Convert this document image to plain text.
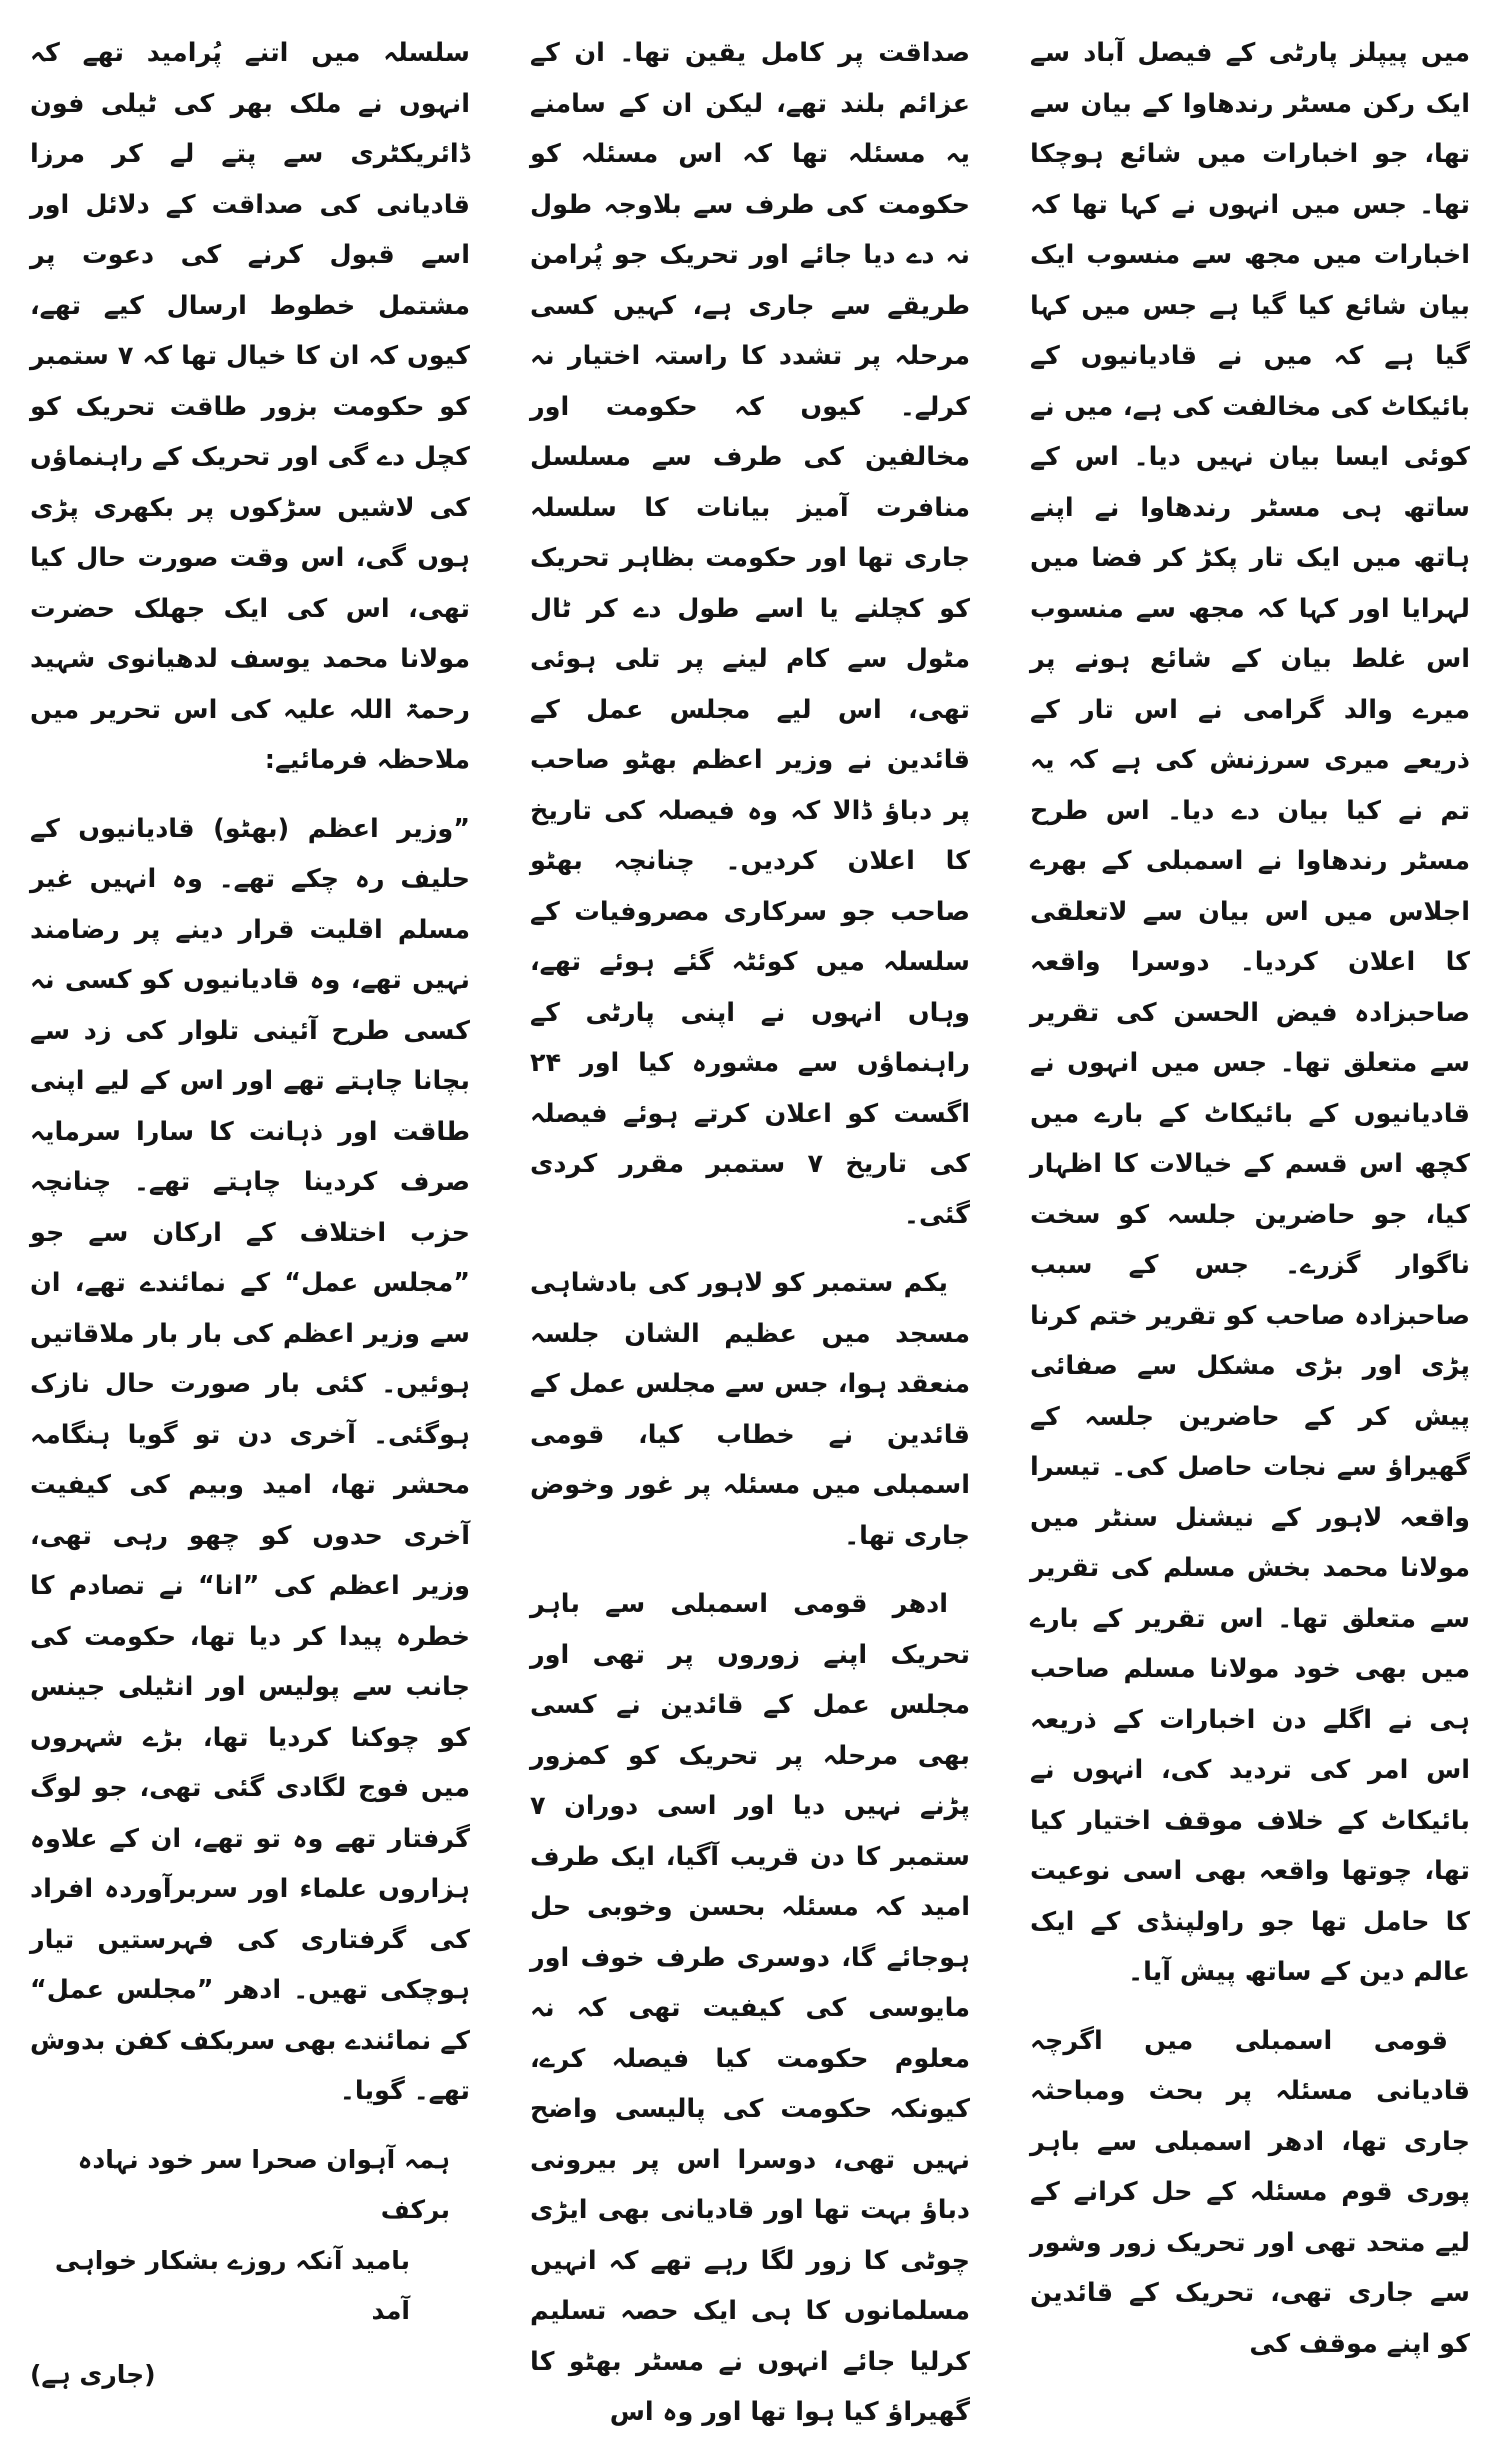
میں پیپلز پارٹی کے فیصل آباد سے ایک رکن مسٹر رندھاوا کے بیان سے تھا، جو اخبارات میں شائع ہوچکا تھا۔ جس میں انہوں نے کہا تھا کہ اخبارات میں مجھ سے منسوب ایک بیان شائع کیا گیا ہے جس میں کہا گیا ہے کہ میں نے قادیانیوں کے بائیکاٹ کی مخالفت کی ہے، میں نے کوئی ایسا بیان نہیں دیا۔ اس کے ساتھ ہی مسٹر رندھاوا نے اپنے ہاتھ میں ایک تار پکڑ کر فضا میں لہرایا اور کہا کہ مجھ سے منسوب اس غلط بیان کے شائع ہونے پر میرے والد گرامی نے اس تار کے ذریعے میری سرزنش کی ہے کہ یہ تم نے کیا بیان دے دیا۔ اس طرح مسٹر رندھاوا نے اسمبلی کے بھرے اجلاس میں اس بیان سے لاتعلقی کا اعلان کردیا۔ دوسرا واقعہ صاحبزادہ فیض الحسن کی تقریر سے متعلق تھا۔ جس میں انہوں نے قادیانیوں کے بائیکاٹ کے بارے میں کچھ اس قسم کے خیالات کا اظہار کیا، جو حاضرین جلسہ کو سخت ناگوار گزرے۔ جس کے سبب صاحبزادہ صاحب کو تقریر ختم کرنا پڑی اور بڑی مشکل سے صفائی پیش کر کے حاضرین جلسہ کے گھیراؤ سے نجات حاصل کی۔ تیسرا واقعہ لاہور کے نیشنل سنٹر میں مولانا محمد بخش مسلم کی تقریر سے متعلق تھا۔ اس تقریر کے بارے میں بھی خود مولانا مسلم صاحب ہی نے اگلے دن اخبارات کے ذریعہ اس امر کی تردید کی، انہوں نے بائیکاٹ کے خلاف موقف اختیار کیا تھا، چوتھا واقعہ بھی اسی نوعیت کا حامل تھا جو راولپنڈی کے ایک عالم دین کے ساتھ پیش آیا۔

قومی اسمبلی میں اگرچہ قادیانی مسئلہ پر بحث ومباحثہ جاری تھا، ادھر اسمبلی سے باہر پوری قوم مسئلہ کے حل کرانے کے لیے متحد تھی اور تحریک زور وشور سے جاری تھی، تحریک کے قائدین کو اپنے موقف کی

صداقت پر کامل یقین تھا۔ ان کے عزائم بلند تھے، لیکن ان کے سامنے یہ مسئلہ تھا کہ اس مسئلہ کو حکومت کی طرف سے بلاوجہ طول نہ دے دیا جائے اور تحریک جو پُرامن طریقے سے جاری ہے، کہیں کسی مرحلہ پر تشدد کا راستہ اختیار نہ کرلے۔ کیوں کہ حکومت اور مخالفین کی طرف سے مسلسل منافرت آمیز بیانات کا سلسلہ جاری تھا اور حکومت بظاہر تحریک کو کچلنے یا اسے طول دے کر ٹال مٹول سے کام لینے پر تلی ہوئی تھی، اس لیے مجلس عمل کے قائدین نے وزیر اعظم بھٹو صاحب پر دباؤ ڈالا کہ وہ فیصلہ کی تاریخ کا اعلان کردیں۔ چنانچہ بھٹو صاحب جو سرکاری مصروفیات کے سلسلہ میں کوئٹہ گئے ہوئے تھے، وہاں انہوں نے اپنی پارٹی کے راہنماؤں سے مشورہ کیا اور ۲۴ اگست کو اعلان کرتے ہوئے فیصلہ کی تاریخ ۷ ستمبر مقرر کردی گئی۔

یکم ستمبر کو لاہور کی بادشاہی مسجد میں عظیم الشان جلسہ منعقد ہوا، جس سے مجلس عمل کے قائدین نے خطاب کیا، قومی اسمبلی میں مسئلہ پر غور وخوض جاری تھا۔

ادھر قومی اسمبلی سے باہر تحریک اپنے زوروں پر تھی اور مجلس عمل کے قائدین نے کسی بھی مرحلہ پر تحریک کو کمزور پڑنے نہیں دیا اور اسی دوران ۷ ستمبر کا دن قریب آگیا، ایک طرف امید کہ مسئلہ بحسن وخوبی حل ہوجائے گا، دوسری طرف خوف اور مایوسی کی کیفیت تھی کہ نہ معلوم حکومت کیا فیصلہ کرے، کیونکہ حکومت کی پالیسی واضح نہیں تھی، دوسرا اس پر بیرونی دباؤ بہت تھا اور قادیانی بھی ایڑی چوٹی کا زور لگا رہے تھے کہ انہیں مسلمانوں کا ہی ایک حصہ تسلیم کرلیا جائے انہوں نے مسٹر بھٹو کا گھیراؤ کیا ہوا تھا اور وہ اس

سلسلہ میں اتنے پُرامید تھے کہ انہوں نے ملک بھر کی ٹیلی فون ڈائریکٹری سے پتے لے کر مرزا قادیانی کی صداقت کے دلائل اور اسے قبول کرنے کی دعوت پر مشتمل خطوط ارسال کیے تھے، کیوں کہ ان کا خیال تھا کہ ۷ ستمبر کو حکومت بزور طاقت تحریک کو کچل دے گی اور تحریک کے راہنماؤں کی لاشیں سڑکوں پر بکھری پڑی ہوں گی، اس وقت صورت حال کیا تھی، اس کی ایک جھلک حضرت مولانا محمد یوسف لدھیانوی شہید رحمۃ اللہ علیہ کی اس تحریر میں ملاحظہ فرمائیے:

”وزیر اعظم (بھٹو) قادیانیوں کے حلیف رہ چکے تھے۔ وہ انہیں غیر مسلم اقلیت قرار دینے پر رضامند نہیں تھے، وہ قادیانیوں کو کسی نہ کسی طرح آئینی تلوار کی زد سے بچانا چاہتے تھے اور اس کے لیے اپنی طاقت اور ذہانت کا سارا سرمایہ صرف کردینا چاہتے تھے۔ چنانچہ حزب اختلاف کے ارکان سے جو ”مجلس عمل“ کے نمائندے تھے، ان سے وزیر اعظم کی بار بار ملاقاتیں ہوئیں۔ کئی بار صورت حال نازک ہوگئی۔ آخری دن تو گویا ہنگامہ محشر تھا، امید وبیم کی کیفیت آخری حدوں کو چھو رہی تھی، وزیر اعظم کی ”انا“ نے تصادم کا خطرہ پیدا کر دیا تھا، حکومت کی جانب سے پولیس اور انٹیلی جینس کو چوکنا کردیا تھا، بڑے شہروں میں فوج لگادی گئی تھی، جو لوگ گرفتار تھے وہ تو تھے، ان کے علاوہ ہزاروں علماء اور سربرآوردہ افراد کی گرفتاری کی فہرستیں تیار ہوچکی تھیں۔ ادھر ”مجلس عمل“ کے نمائندے بھی سربکف کفن بدوش تھے۔ گویا۔

ہمہ آہوان صحرا سر خود نہادہ برکف

بامید آنکہ روزے بشکار خواہی آمد

(جاری ہے)
